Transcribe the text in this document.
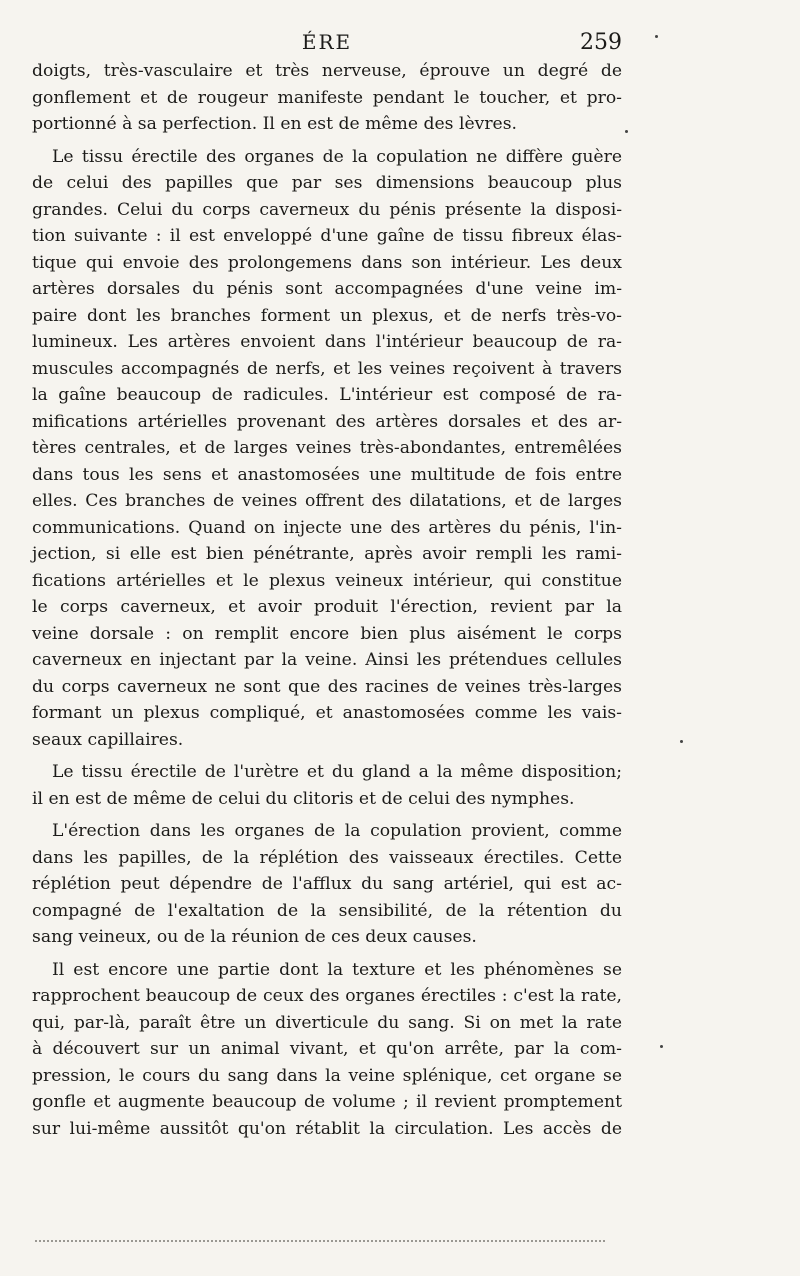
ÉRE	259
doigts, très-vasculaire et très nerveuse, éprouve un degré de
gonflement et de rougeur manifeste pendant le toucher, et pro-
portionné à sa perfection. Il en est de même des lèvres.
Le tissu érectile des organes de la copulation ne diffère guère
de celui des papilles que par ses dimensions beaucoup plus
grandes. Celui du corps caverneux du pénis présente la disposi-
tion suivante : il est enveloppé d'une gaîne de tissu fibreux élas-
tique qui envoie des prolongemens dans son intérieur. Les deux
artères dorsales du pénis sont accompagnées d'une veine im-
paire dont les branches forment un plexus, et de nerfs très-vo-
lumineux. Les artères envoient dans l'intérieur beaucoup de ra-
muscules accompagnés de nerfs, et les veines reçoivent à travers
la gaîne beaucoup de radicules. L'intérieur est composé de ra-
mifications artérielles provenant des artères dorsales et des ar-
tères centrales, et de larges veines très-abondantes, entremêlées
dans tous les sens et anastomosées une multitude de fois entre
elles. Ces branches de veines offrent des dilatations, et de larges
communications. Quand on injecte une des artères du pénis, l'in-
jection, si elle est bien pénétrante, après avoir rempli les rami-
fications artérielles et le plexus veineux intérieur, qui constitue
le corps caverneux, et avoir produit l'érection, revient par la
veine dorsale : on remplit encore bien plus aisément le corps
caverneux en injectant par la veine. Ainsi les prétendues cellules
du corps caverneux ne sont que des racines de veines très-larges
formant un plexus compliqué, et anastomosées comme les vais-
seaux capillaires.
Le tissu érectile de l'urètre et du gland a la même disposition;
il en est de même de celui du clitoris et de celui des nymphes.
L'érection dans les organes de la copulation provient, comme
dans les papilles, de la réplétion des vaisseaux érectiles. Cette
réplétion peut dépendre de l'afflux du sang artériel, qui est ac-
compagné de l'exaltation de la sensibilité, de la rétention du
sang veineux, ou de la réunion de ces deux causes.
Il est encore une partie dont la texture et les phénomènes se
rapprochent beaucoup de ceux des organes érectiles : c'est la rate,
qui, par-là, paraît être un diverticule du sang. Si on met la rate
à découvert sur un animal vivant, et qu'on arrête, par la com-
pression, le cours du sang dans la veine splénique, cet organe se
gonfle et augmente beaucoup de volume ; il revient promptement
sur lui-même aussitôt qu'on rétablit la circulation. Les accès de
